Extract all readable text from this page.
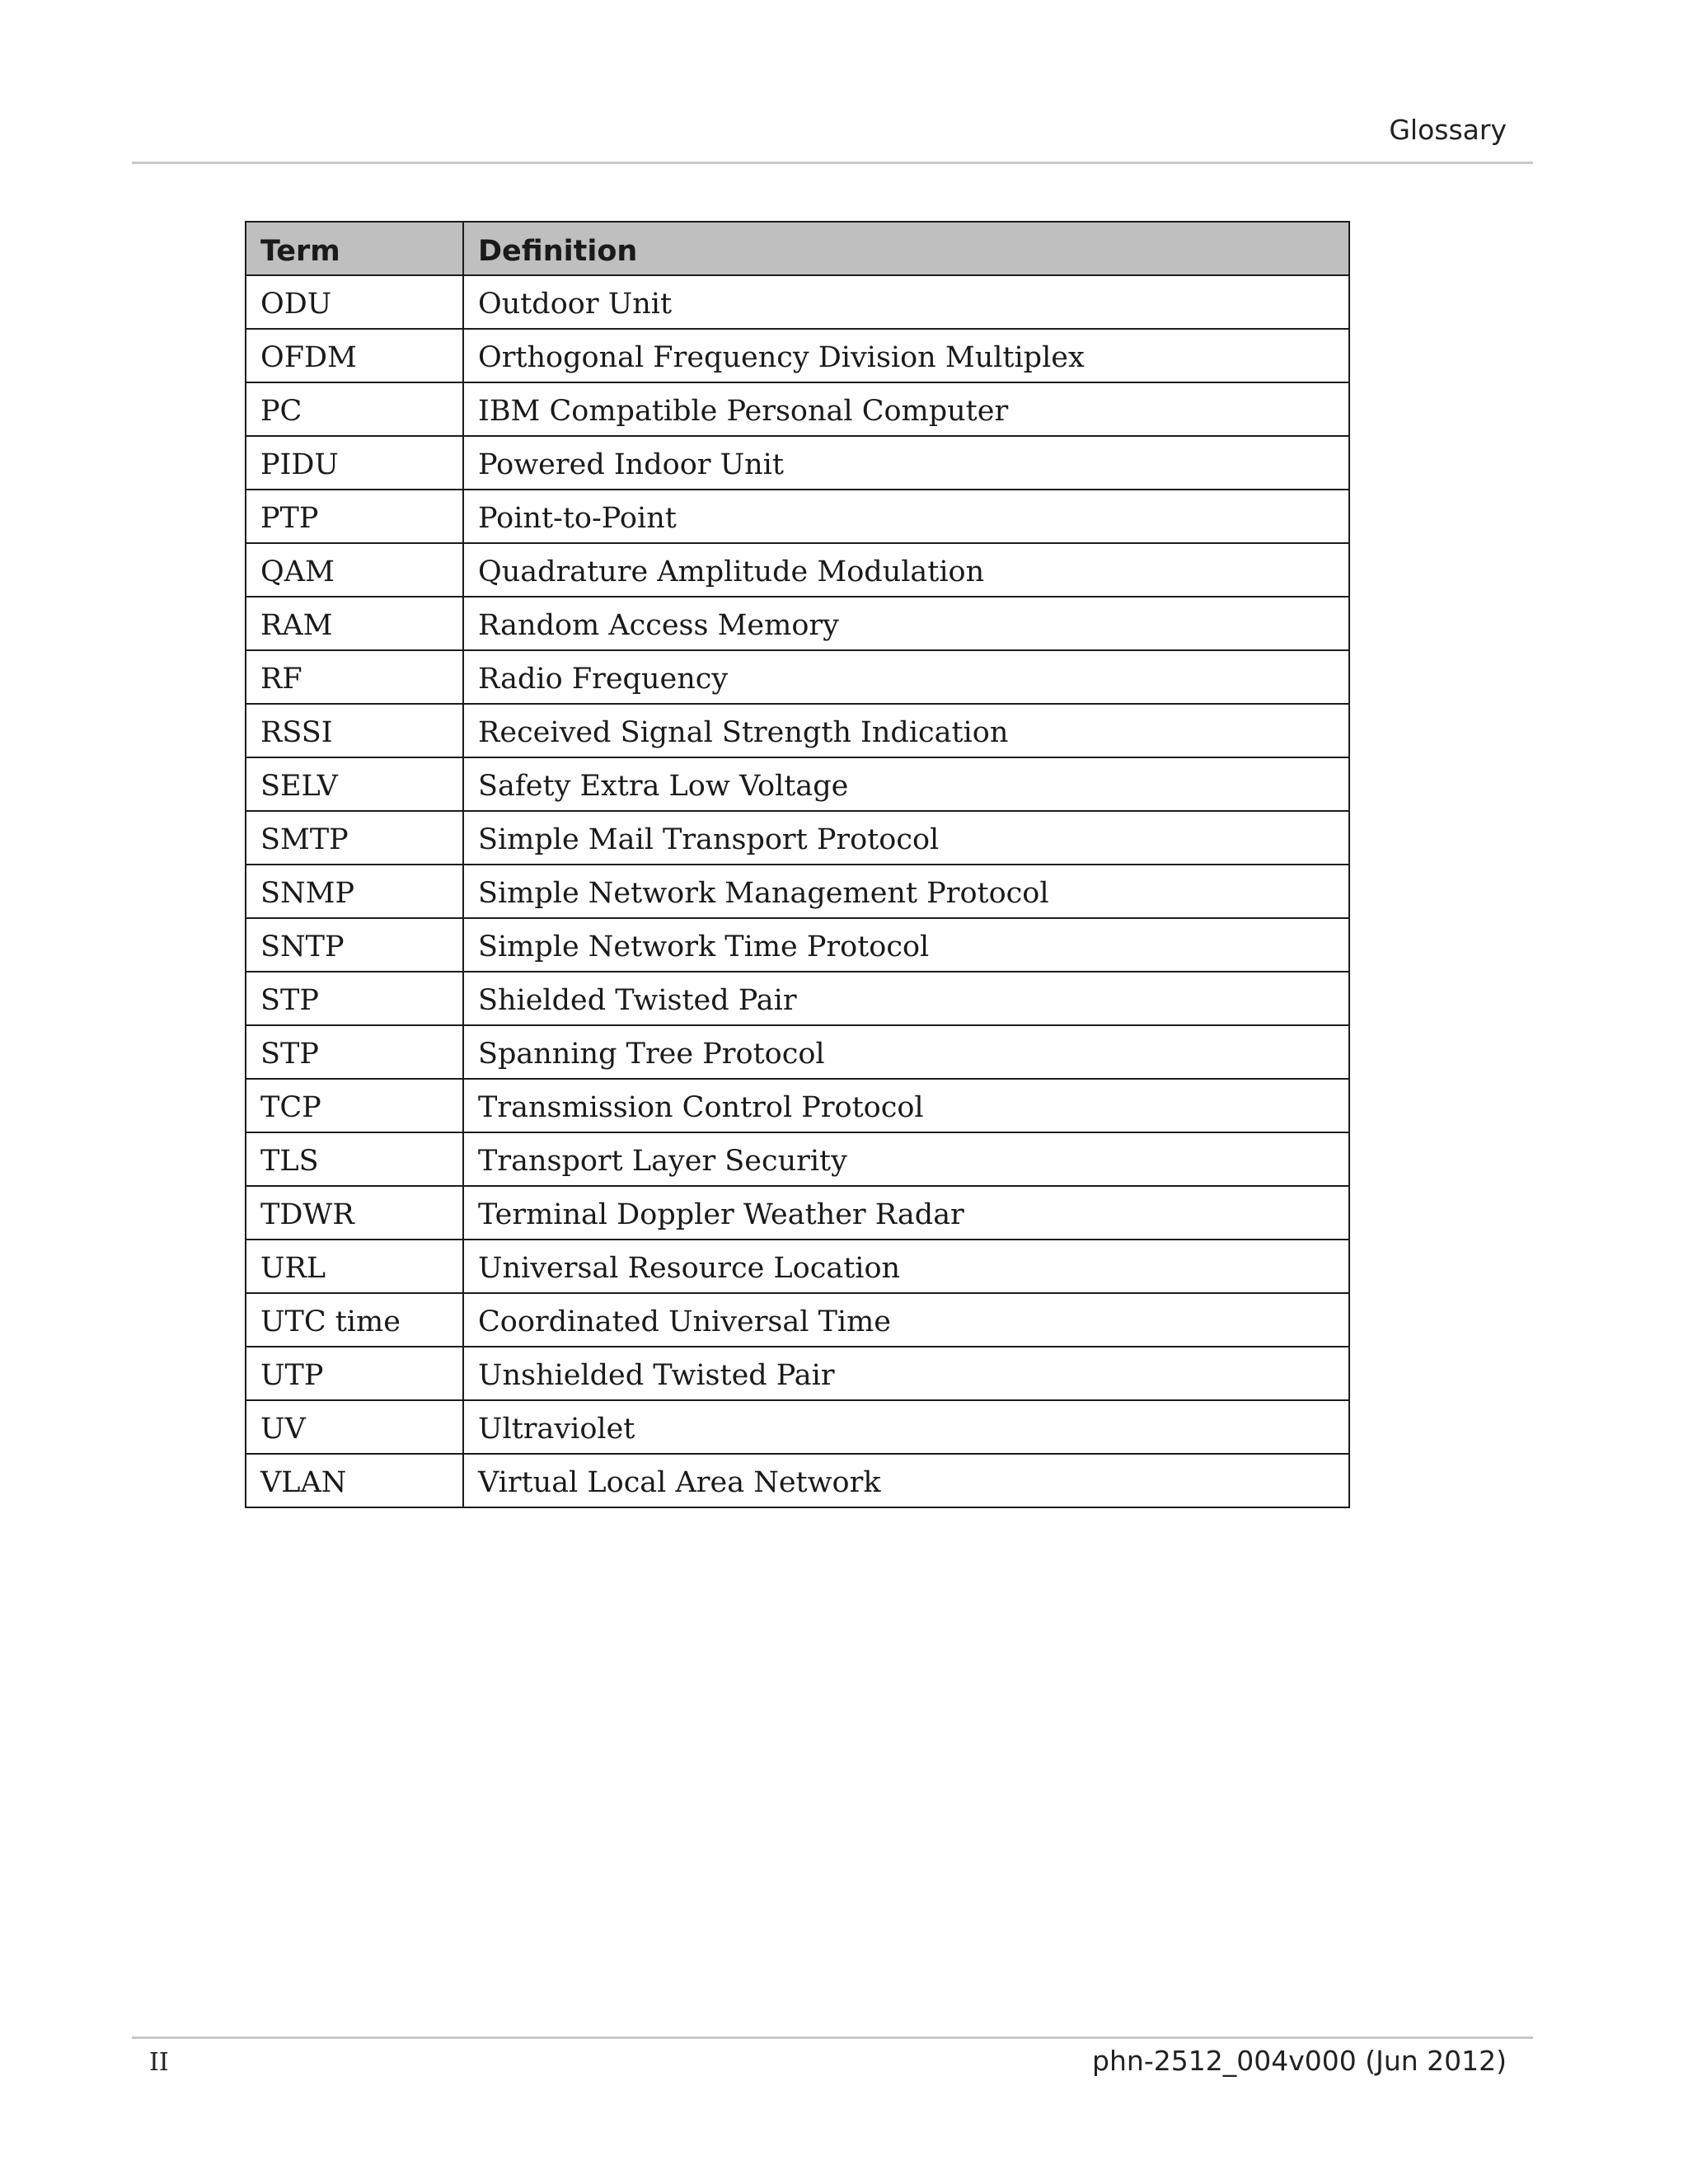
Glossary
Term	Definition
ODU	Outdoor Unit
OFDM	Orthogonal Frequency Division Multiplex
PC	IBM Compatible Personal Computer
PIDU	Powered Indoor Unit
PTP	Point-to-Point
QAM	Quadrature Amplitude Modulation
RAM	Random Access Memory
RF	Radio Frequency
RSSI	Received Signal Strength Indication
SELV	Safety Extra Low Voltage
SMTP	Simple Mail Transport Protocol
SNMP	Simple Network Management Protocol
SNTP	Simple Network Time Protocol
STP	Shielded Twisted Pair
STP	Spanning Tree Protocol
TCP	Transmission Control Protocol
TLS	Transport Layer Security
TDWR	Terminal Doppler Weather Radar
URL	Universal Resource Location
UTC time	Coordinated Universal Time
UTP	Unshielded Twisted Pair
UV	Ultraviolet
VLAN	Virtual Local Area Network
II	phn-2512_004v000 (Jun 2012)
